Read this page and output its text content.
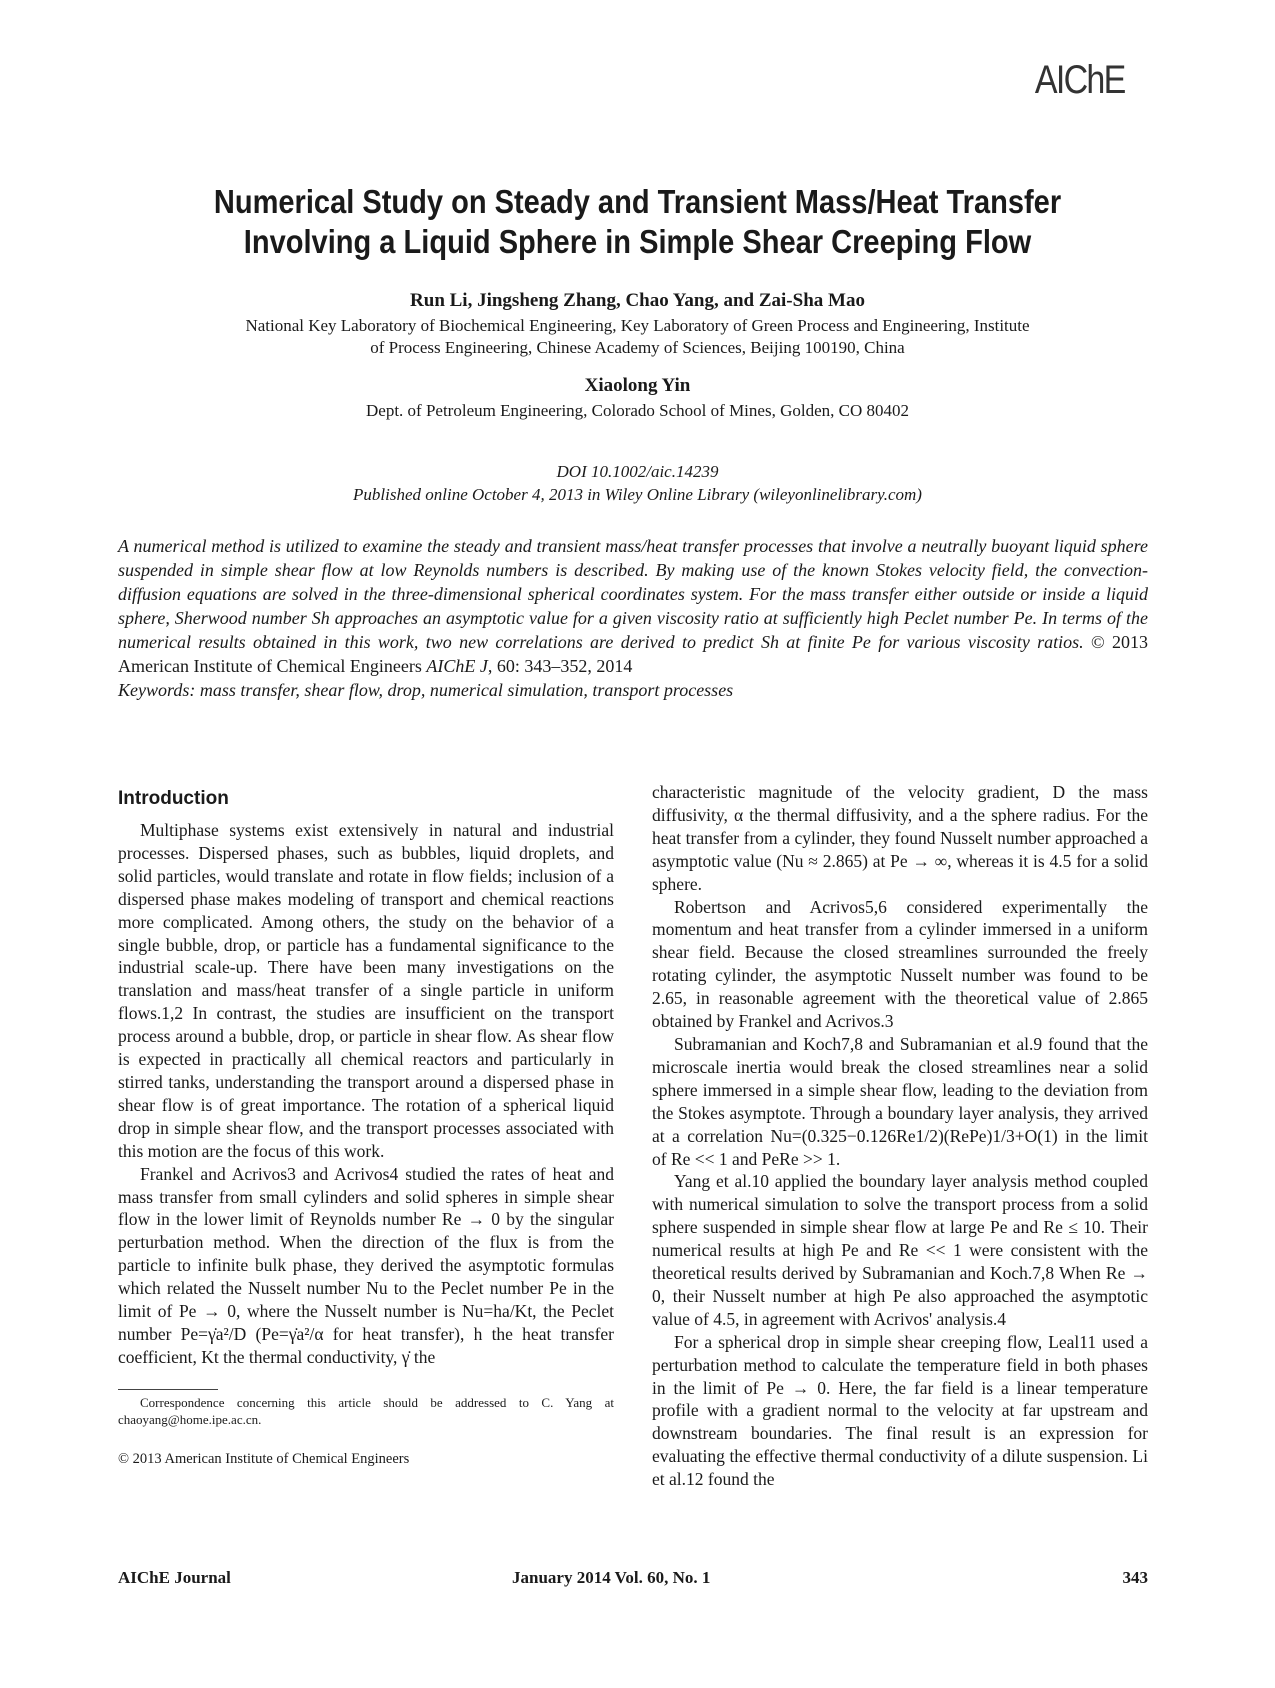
AIChE
Numerical Study on Steady and Transient Mass/Heat Transfer
Involving a Liquid Sphere in Simple Shear Creeping Flow
Run Li, Jingsheng Zhang, Chao Yang, and Zai-Sha Mao
National Key Laboratory of Biochemical Engineering, Key Laboratory of Green Process and Engineering, Institute
of Process Engineering, Chinese Academy of Sciences, Beijing 100190, China
Xiaolong Yin
Dept. of Petroleum Engineering, Colorado School of Mines, Golden, CO 80402
DOI 10.1002/aic.14239
Published online October 4, 2013 in Wiley Online Library (wileyonlinelibrary.com)
A numerical method is utilized to examine the steady and transient mass/heat transfer processes that involve a neutrally buoyant liquid sphere suspended in simple shear flow at low Reynolds numbers is described. By making use of the known Stokes velocity field, the convection-diffusion equations are solved in the three-dimensional spherical coordinates system. For the mass transfer either outside or inside a liquid sphere, Sherwood number Sh approaches an asymptotic value for a given viscosity ratio at sufficiently high Peclet number Pe. In terms of the numerical results obtained in this work, two new correlations are derived to predict Sh at finite Pe for various viscosity ratios. © 2013 American Institute of Chemical Engineers AIChE J, 60: 343–352, 2014
Keywords: mass transfer, shear flow, drop, numerical simulation, transport processes
Introduction

Multiphase systems exist extensively in natural and industrial processes. Dispersed phases, such as bubbles, liquid droplets, and solid particles, would translate and rotate in flow fields; inclusion of a dispersed phase makes modeling of transport and chemical reactions more complicated. Among others, the study on the behavior of a single bubble, drop, or particle has a fundamental significance to the industrial scale-up. There have been many investigations on the translation and mass/heat transfer of a single particle in uniform flows.1,2 In contrast, the studies are insufficient on the transport process around a bubble, drop, or particle in shear flow. As shear flow is expected in practically all chemical reactors and particularly in stirred tanks, understanding the transport around a dispersed phase in shear flow is of great importance. The rotation of a spherical liquid drop in simple shear flow, and the transport processes associated with this motion are the focus of this work.

Frankel and Acrivos3 and Acrivos4 studied the rates of heat and mass transfer from small cylinders and solid spheres in simple shear flow in the lower limit of Reynolds number Re → 0 by the singular perturbation method. When the direction of the flux is from the particle to infinite bulk phase, they derived the asymptotic formulas which related the Nusselt number Nu to the Peclet number Pe in the limit of Pe → 0, where the Nusselt number is Nu=ha/Kt, the Peclet number Pe=γ̇a²/D (Pe=γ̇a²/α for heat transfer), h the heat transfer coefficient, Kt the thermal conductivity, γ̇ the

Correspondence concerning this article should be addressed to C. Yang at chaoyang@home.ipe.ac.cn.
© 2013 American Institute of Chemical Engineers

characteristic magnitude of the velocity gradient, D the mass diffusivity, α the thermal diffusivity, and a the sphere radius. For the heat transfer from a cylinder, they found Nusselt number approached a asymptotic value (Nu ≈ 2.865) at Pe → ∞, whereas it is 4.5 for a solid sphere.

Robertson and Acrivos5,6 considered experimentally the momentum and heat transfer from a cylinder immersed in a uniform shear field. Because the closed streamlines surrounded the freely rotating cylinder, the asymptotic Nusselt number was found to be 2.65, in reasonable agreement with the theoretical value of 2.865 obtained by Frankel and Acrivos.3

Subramanian and Koch7,8 and Subramanian et al.9 found that the microscale inertia would break the closed streamlines near a solid sphere immersed in a simple shear flow, leading to the deviation from the Stokes asymptote. Through a boundary layer analysis, they arrived at a correlation Nu=(0.325−0.126Re1/2)(RePe)1/3+O(1) in the limit of Re << 1 and PeRe >> 1.

Yang et al.10 applied the boundary layer analysis method coupled with numerical simulation to solve the transport process from a solid sphere suspended in simple shear flow at large Pe and Re ≤ 10. Their numerical results at high Pe and Re << 1 were consistent with the theoretical results derived by Subramanian and Koch.7,8 When Re → 0, their Nusselt number at high Pe also approached the asymptotic value of 4.5, in agreement with Acrivos' analysis.4

For a spherical drop in simple shear creeping flow, Leal11 used a perturbation method to calculate the temperature field in both phases in the limit of Pe → 0. Here, the far field is a linear temperature profile with a gradient normal to the velocity at far upstream and downstream boundaries. The final result is an expression for evaluating the effective thermal conductivity of a dilute suspension. Li et al.12 found the

AIChE Journal	January 2014 Vol. 60, No. 1	343
